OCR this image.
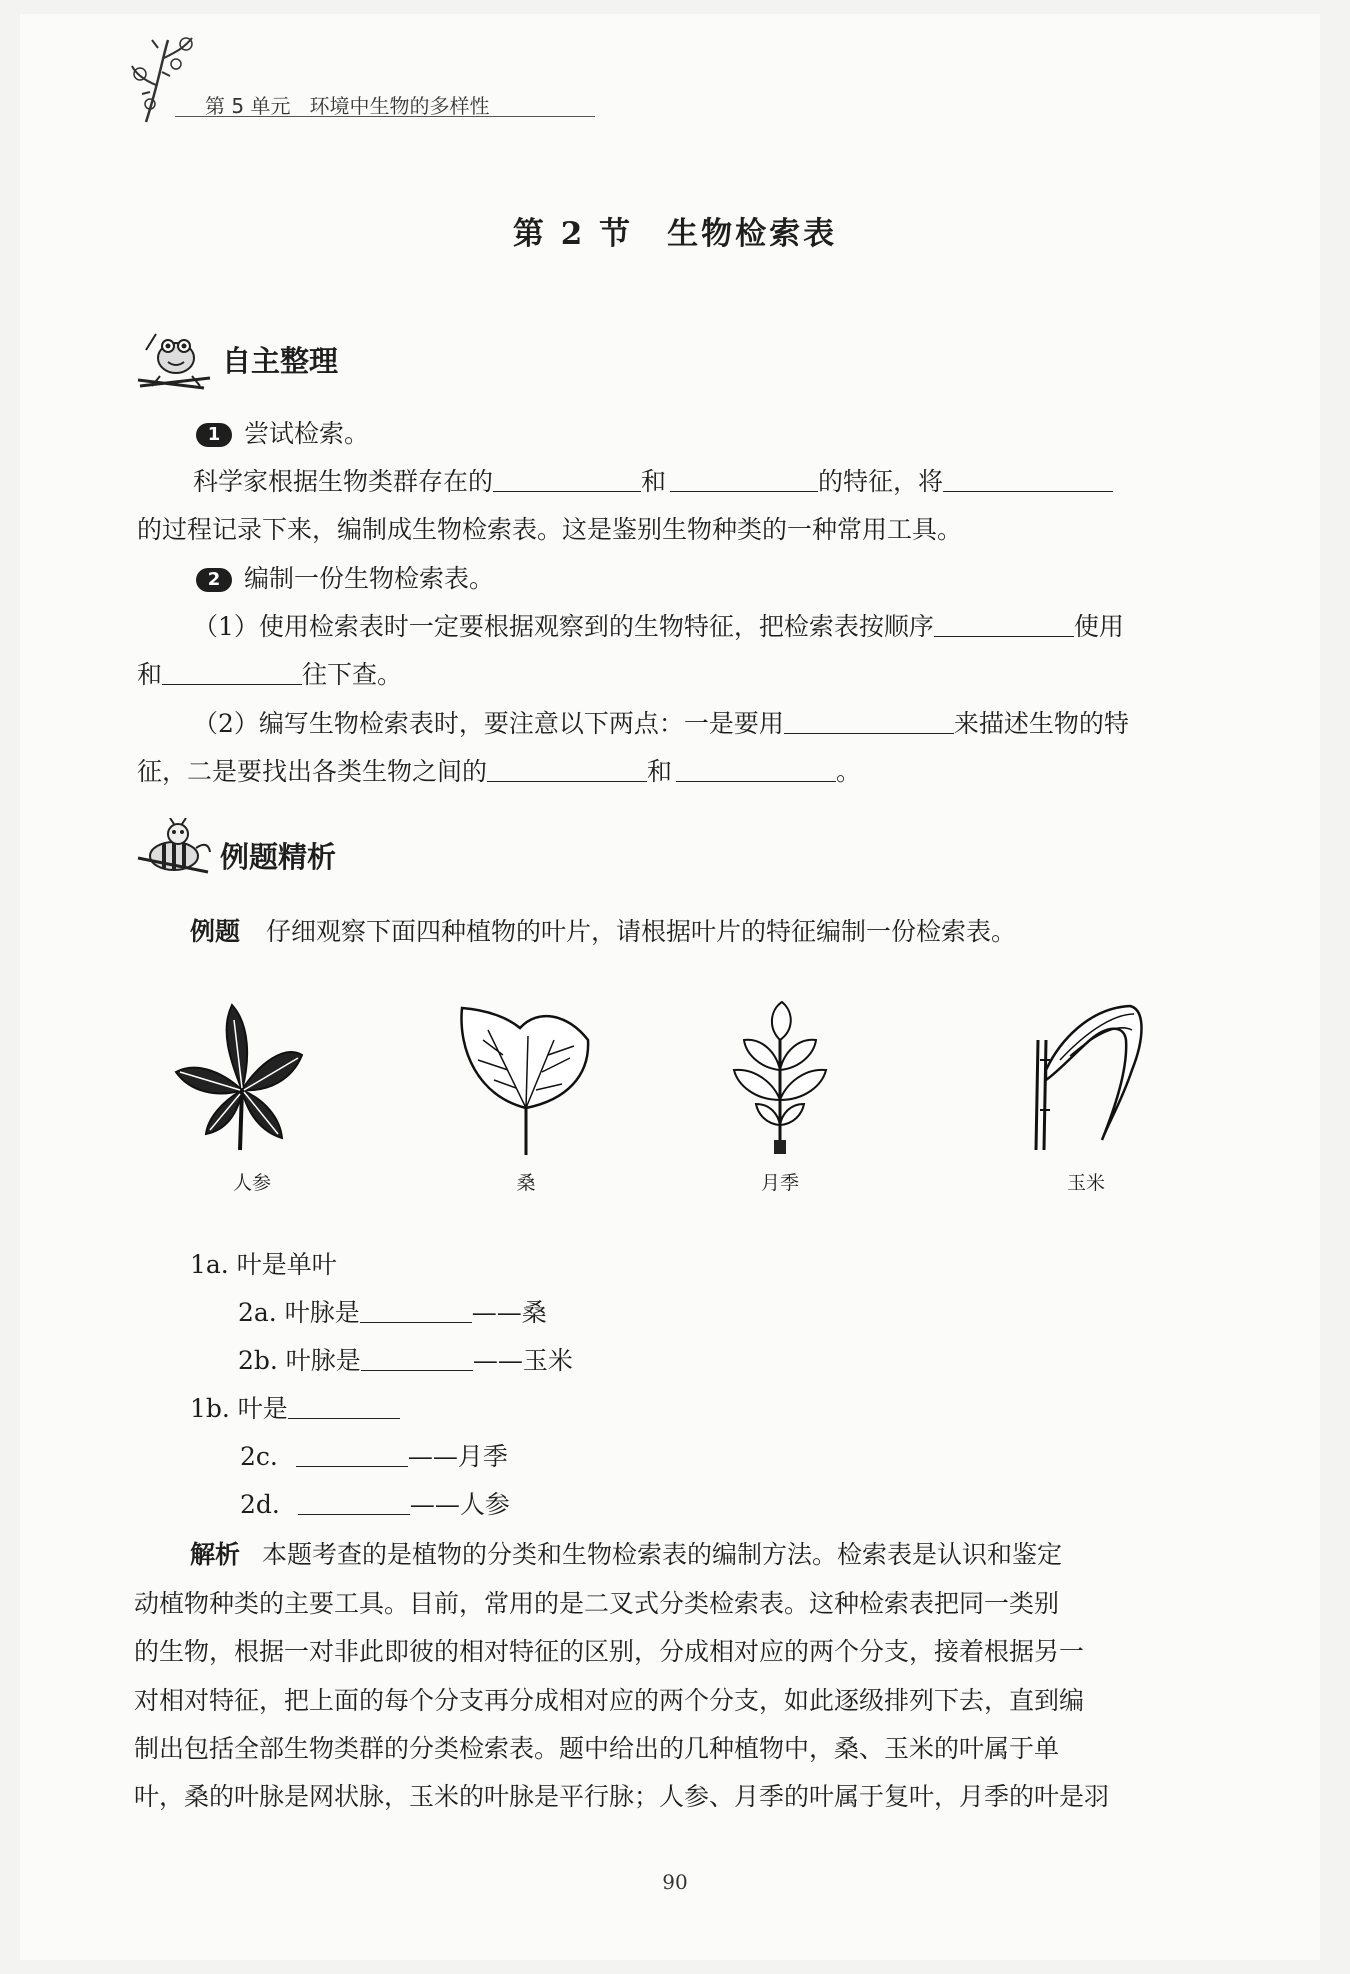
第 5 单元 环境中生物的多样性
第 2 节　生物检索表
自主整理
1 尝试检索。
科学家根据生物类群存在的	和	的特征，将
的过程记录下来，编制成生物检索表。这是鉴别生物种类的一种常用工具。
2 编制一份生物检索表。
（1）使用检索表时一定要根据观察到的生物特征，把检索表按顺序	使用
和	往下查。
（2）编写生物检索表时，要注意以下两点：一是要用	来描述生物的特
征，二是要找出各类生物之间的	和	。
例题精析
例题 仔细观察下面四种植物的叶片，请根据叶片的特征编制一份检索表。
人参	桑	月季	玉米
1a. 叶是单叶
2a. 叶脉是	——桑
2b. 叶脉是	——玉米
1b. 叶是
2c.	——月季
2d.	——人参
解析 本题考查的是植物的分类和生物检索表的编制方法。检索表是认识和鉴定
动植物种类的主要工具。目前，常用的是二叉式分类检索表。这种检索表把同一类别
的生物，根据一对非此即彼的相对特征的区别，分成相对应的两个分支，接着根据另一
对相对特征，把上面的每个分支再分成相对应的两个分支，如此逐级排列下去，直到编
制出包括全部生物类群的分类检索表。题中给出的几种植物中，桑、玉米的叶属于单
叶，桑的叶脉是网状脉，玉米的叶脉是平行脉；人参、月季的叶属于复叶，月季的叶是羽
90
